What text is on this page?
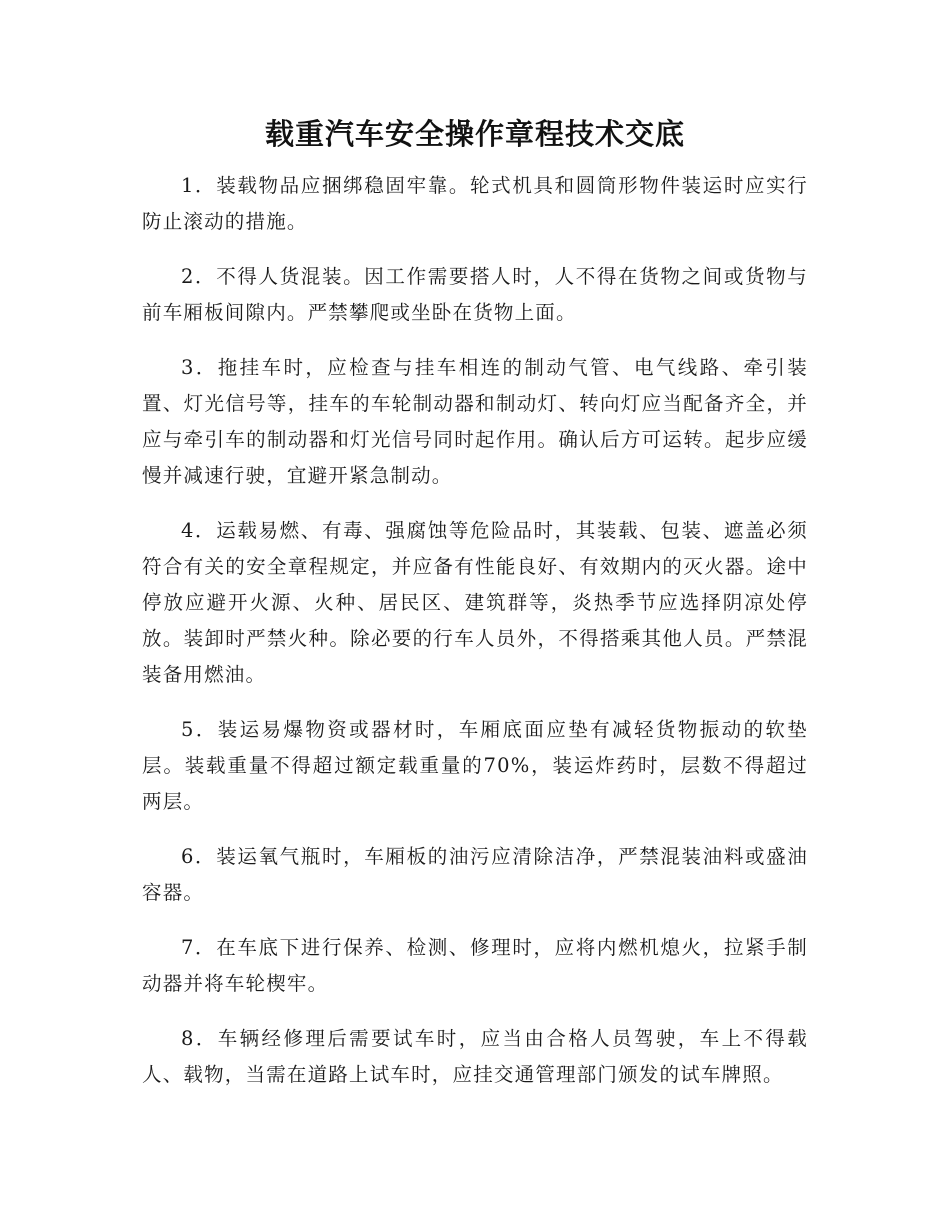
载重汽车安全操作章程技术交底

1．装载物品应捆绑稳固牢靠。轮式机具和圆筒形物件装运时应实行防止滚动的措施。

2．不得人货混装。因工作需要搭人时，人不得在货物之间或货物与前车厢板间隙内。严禁攀爬或坐卧在货物上面。

3．拖挂车时，应检查与挂车相连的制动气管、电气线路、牵引装置、灯光信号等，挂车的车轮制动器和制动灯、转向灯应当配备齐全，并应与牵引车的制动器和灯光信号同时起作用。确认后方可运转。起步应缓慢并减速行驶，宜避开紧急制动。

4．运载易燃、有毒、强腐蚀等危险品时，其装载、包装、遮盖必须符合有关的安全章程规定，并应备有性能良好、有效期内的灭火器。途中停放应避开火源、火种、居民区、建筑群等，炎热季节应选择阴凉处停放。装卸时严禁火种。除必要的行车人员外，不得搭乘其他人员。严禁混装备用燃油。

5．装运易爆物资或器材时，车厢底面应垫有减轻货物振动的软垫层。装载重量不得超过额定载重量的70%，装运炸药时，层数不得超过两层。

6．装运氧气瓶时，车厢板的油污应清除洁净，严禁混装油料或盛油容器。

7．在车底下进行保养、检测、修理时，应将内燃机熄火，拉紧手制动器并将车轮楔牢。

8．车辆经修理后需要试车时，应当由合格人员驾驶，车上不得载人、载物，当需在道路上试车时，应挂交通管理部门颁发的试车牌照。
